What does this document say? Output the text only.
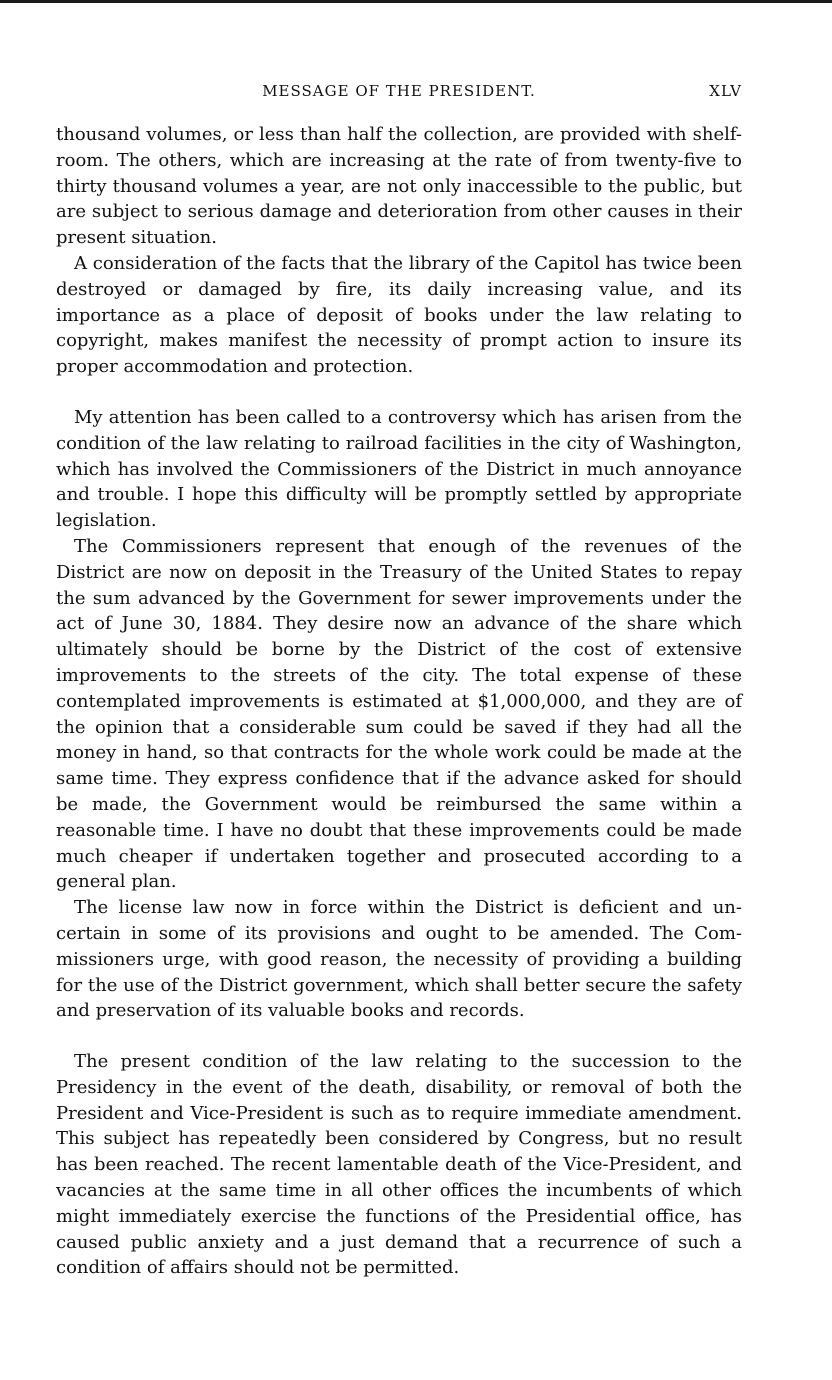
MESSAGE OF THE PRESIDENT.	XLV

thousand volumes, or less than half the collection, are provided with shelf-room. The others, which are increasing at the rate of from twenty-five to thirty thousand volumes a year, are not only inaccessible to the public, but are subject to serious damage and deterioration from other causes in their present situation.

A consideration of the facts that the library of the Capitol has twice been destroyed or damaged by fire, its daily increasing value, and its importance as a place of deposit of books under the law relating to copyright, makes manifest the necessity of prompt action to insure its proper accommodation and protection.

My attention has been called to a controversy which has arisen from the condition of the law relating to railroad facilities in the city of Washington, which has involved the Commissioners of the District in much annoyance and trouble. I hope this difficulty will be promptly settled by appropriate legislation.

The Commissioners represent that enough of the revenues of the District are now on deposit in the Treasury of the United States to repay the sum advanced by the Government for sewer improvements under the act of June 30, 1884. They desire now an advance of the share which ultimately should be borne by the District of the cost of extensive improvements to the streets of the city. The total expense of these contemplated improvements is estimated at $1,000,000, and they are of the opinion that a considerable sum could be saved if they had all the money in hand, so that contracts for the whole work could be made at the same time. They express confidence that if the advance asked for should be made, the Government would be reimbursed the same within a reasonable time. I have no doubt that these improvements could be made much cheaper if undertaken together and prosecuted according to a general plan.

The license law now in force within the District is deficient and uncertain in some of its provisions and ought to be amended. The Commissioners urge, with good reason, the necessity of providing a building for the use of the District government, which shall better secure the safety and preservation of its valuable books and records.

The present condition of the law relating to the succession to the Presidency in the event of the death, disability, or removal of both the President and Vice-President is such as to require immediate amendment. This subject has repeatedly been considered by Congress, but no result has been reached. The recent lamentable death of the Vice-President, and vacancies at the same time in all other offices the incumbents of which might immediately exercise the functions of the Presidential office, has caused public anxiety and a just demand that a recurrence of such a condition of affairs should not be permitted.
